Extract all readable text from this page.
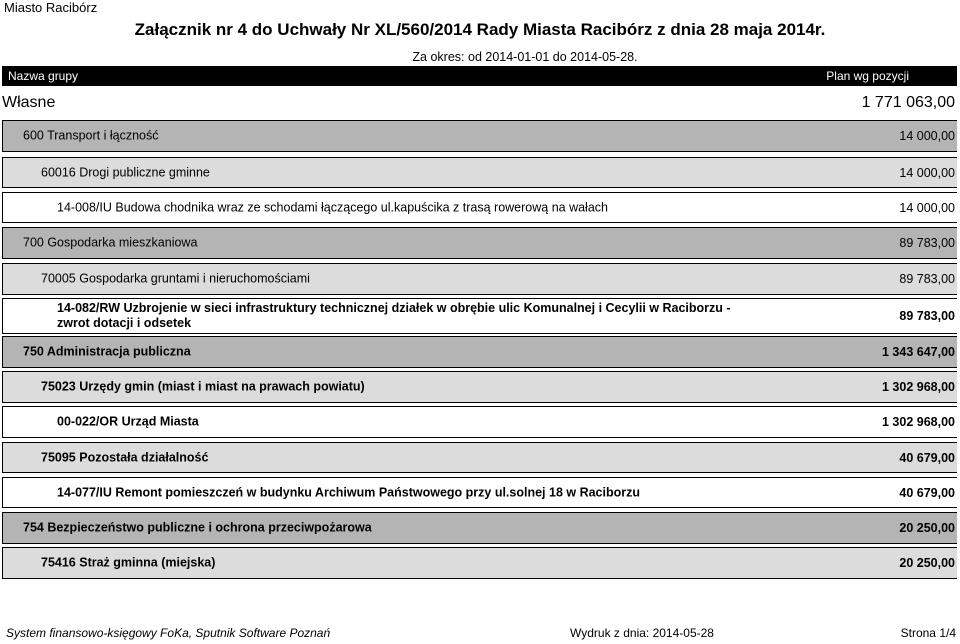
Miasto Racibórz
Załącznik nr 4 do Uchwały Nr XL/560/2014 Rady Miasta Racibórz z dnia 28 maja 2014r.
Za okres: od 2014-01-01 do 2014-05-28.
Nazwa grupy	Plan wg pozycji
Własne	1 771 063,00
600 Transport i łączność	14 000,00
60016 Drogi publiczne gminne	14 000,00
14-008/IU Budowa chodnika wraz ze schodami łączącego ul.kapuścika z trasą rowerową na wałach	14 000,00
700 Gospodarka mieszkaniowa	89 783,00
70005 Gospodarka gruntami i nieruchomościami	89 783,00
14-082/RW Uzbrojenie w sieci infrastruktury technicznej działek w obrębie ulic Komunalnej i Cecylii w Raciborzu - zwrot dotacji i odsetek	89 783,00
750 Administracja publiczna	1 343 647,00
75023 Urzędy gmin (miast i miast na prawach powiatu)	1 302 968,00
00-022/OR Urząd Miasta	1 302 968,00
75095 Pozostała działalność	40 679,00
14-077/IU Remont pomieszczeń w budynku Archiwum Państwowego przy ul.solnej 18 w Raciborzu	40 679,00
754 Bezpieczeństwo publiczne i ochrona przeciwpożarowa	20 250,00
75416 Straż gminna (miejska)	20 250,00
System finansowo-księgowy FoKa, Sputnik Software Poznań	Wydruk z dnia: 2014-05-28	Strona 1/4
